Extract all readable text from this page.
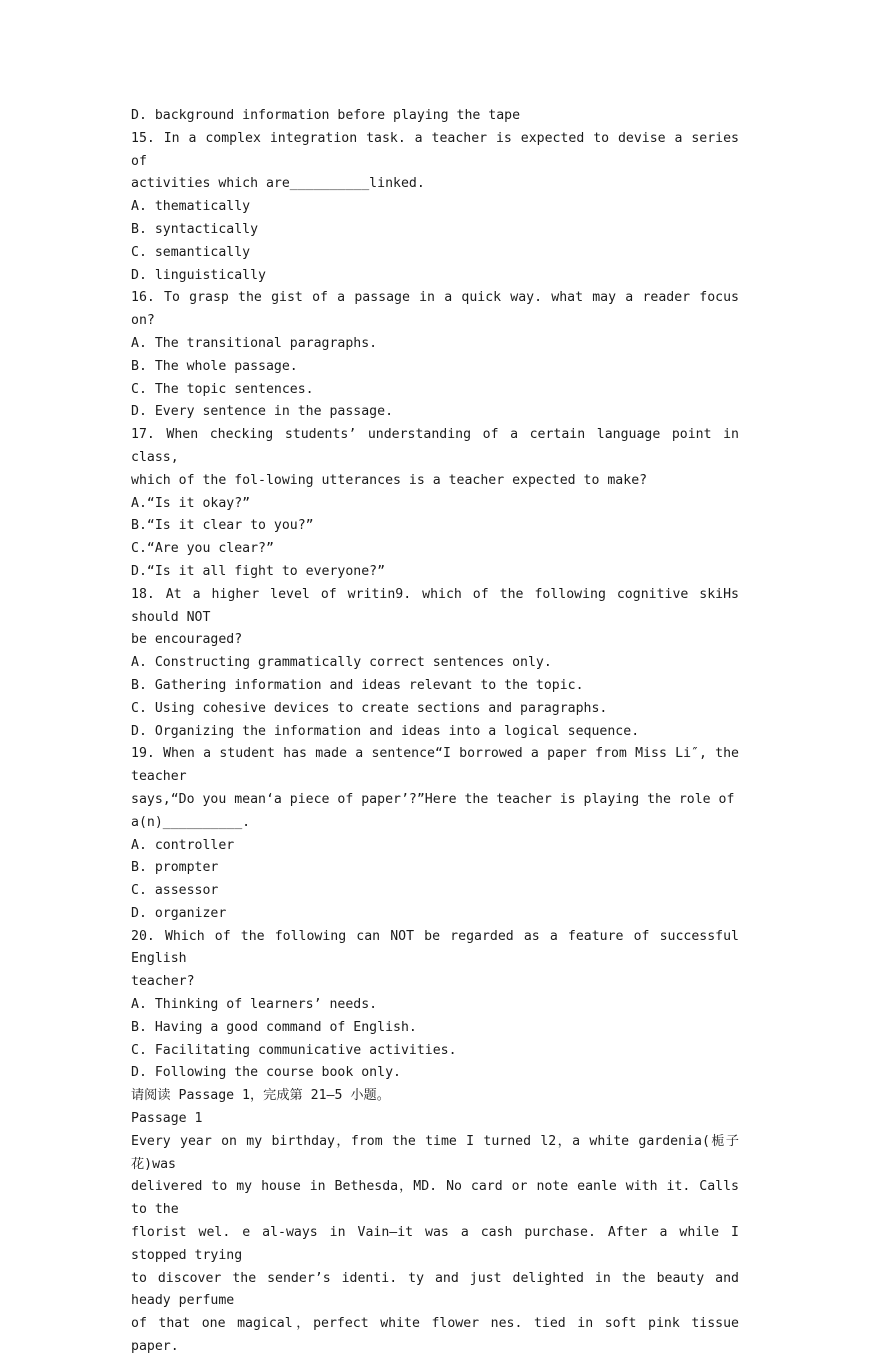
D. background information before playing the tape
15. In a complex integration task. a teacher is expected to devise a series of
activities which are__________linked.
A. thematically
B. syntactically
C. semantically
D. linguistically
16. To grasp the gist of a passage in a quick way. what may a reader focus on?
A. The transitional paragraphs.
B. The whole passage.
C. The topic sentences.
D. Every sentence in the passage.
17. When checking students’ understanding of a certain language point in class,
which of the fol-lowing utterances is a teacher expected to make?
A.“Is it okay?”
B.“Is it clear to you?”
C.“Are you clear?”
D.“Is it all fight to everyone?”
18. At a higher level of writin9. which of the following cognitive skiHs should NOT
be encouraged?
A. Constructing grammatically correct sentences only.
B. Gathering information and ideas relevant to the topic.
C. Using cohesive devices to create sections and paragraphs.
D. Organizing the information and ideas into a logical sequence.
19. When a student has made a sentence“I borrowed a paper from Miss Li″, the teacher
says,“Do you mean‘a piece of paper’?”Here the teacher is playing the role of
a(n)__________.
A. controller
B. prompter
C. assessor
D. organizer
20. Which of the following can NOT be regarded as a feature of successful English
teacher?
A. Thinking of learners’ needs.
B. Having a good command of English.
C. Facilitating communicative activities.
D. Following the course book only.
请阅读 Passage 1，完成第 21—5 小题。
Passage 1
Every year on my birthday，from the time I turned l2，a white gardenia(栀子花)was
delivered to my house in Bethesda，MD. No card or note eanle with it. Calls to the
florist wel. e al-ways in Vain—it was a cash purchase. After a while I stopped trying
to discover the sender’s identi. ty and just delighted in the beauty and heady perfume
of that one magical，perfect white flower nes. tied in soft pink tissue paper.
